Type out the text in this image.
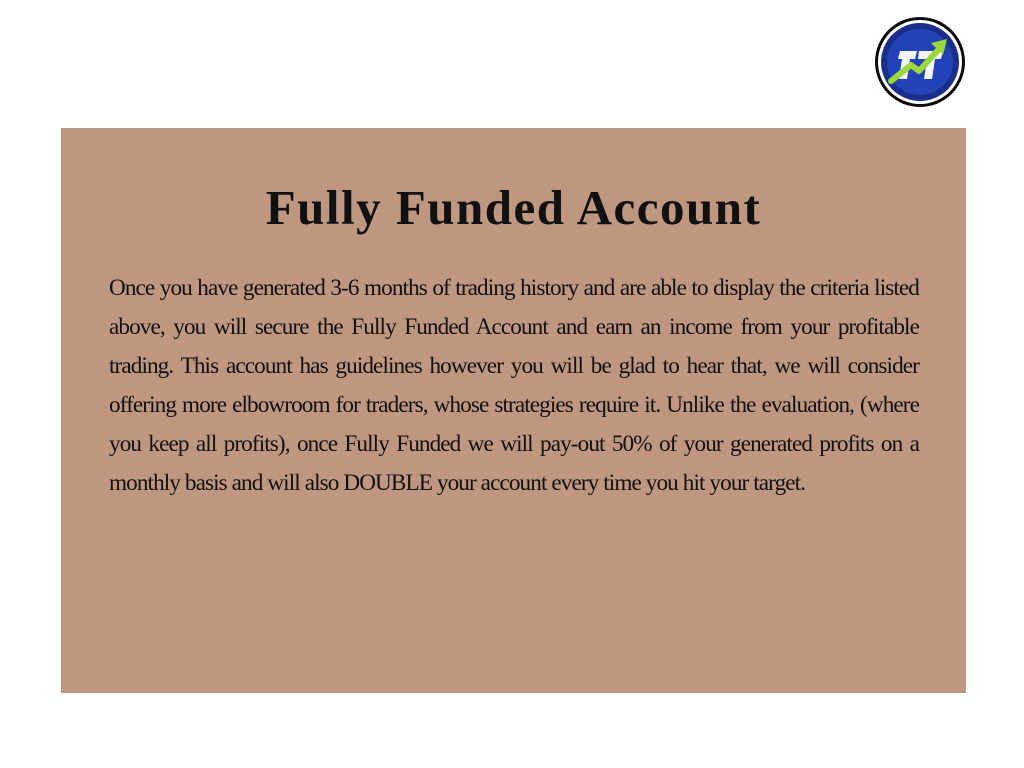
Fully Funded Account

Once you have generated 3-6 months of trading history and are able to display the criteria listed above, you will secure the Fully Funded Account and earn an income from your profitable trading. This account has guidelines however you will be glad to hear that, we will consider offering more elbowroom for traders, whose strategies require it. Unlike the evaluation, (where you keep all profits), once Fully Funded we will pay-out 50% of your generated profits on a monthly basis and will also DOUBLE your account every time you hit your target.
